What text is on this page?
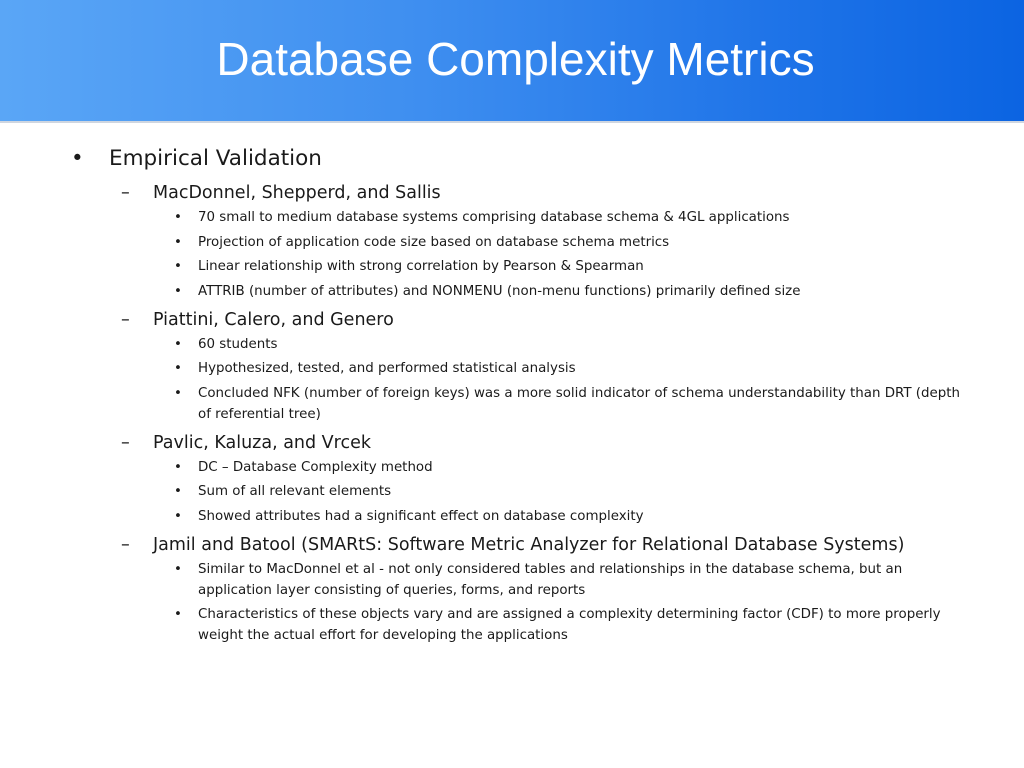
Database Complexity Metrics
• Empirical Validation
– MacDonnel, Shepperd, and Sallis
• 70 small to medium database systems comprising database schema & 4GL applications
• Projection of application code size based on database schema metrics
• Linear relationship with strong correlation by Pearson & Spearman
• ATTRIB (number of attributes) and NONMENU (non-menu functions) primarily defined size
– Piattini, Calero, and Genero
• 60 students
• Hypothesized, tested, and performed statistical analysis
• Concluded NFK (number of foreign keys) was a more solid indicator of schema understandability than DRT (depth of referential tree)
– Pavlic, Kaluza, and Vrcek
• DC – Database Complexity method
• Sum of all relevant elements
• Showed attributes had a significant effect on database complexity
– Jamil and Batool (SMARtS: Software Metric Analyzer for Relational Database Systems)
• Similar to MacDonnel et al - not only considered tables and relationships in the database schema, but an application layer consisting of queries, forms, and reports
• Characteristics of these objects vary and are assigned a complexity determining factor (CDF) to more properly weight the actual effort for developing the applications
